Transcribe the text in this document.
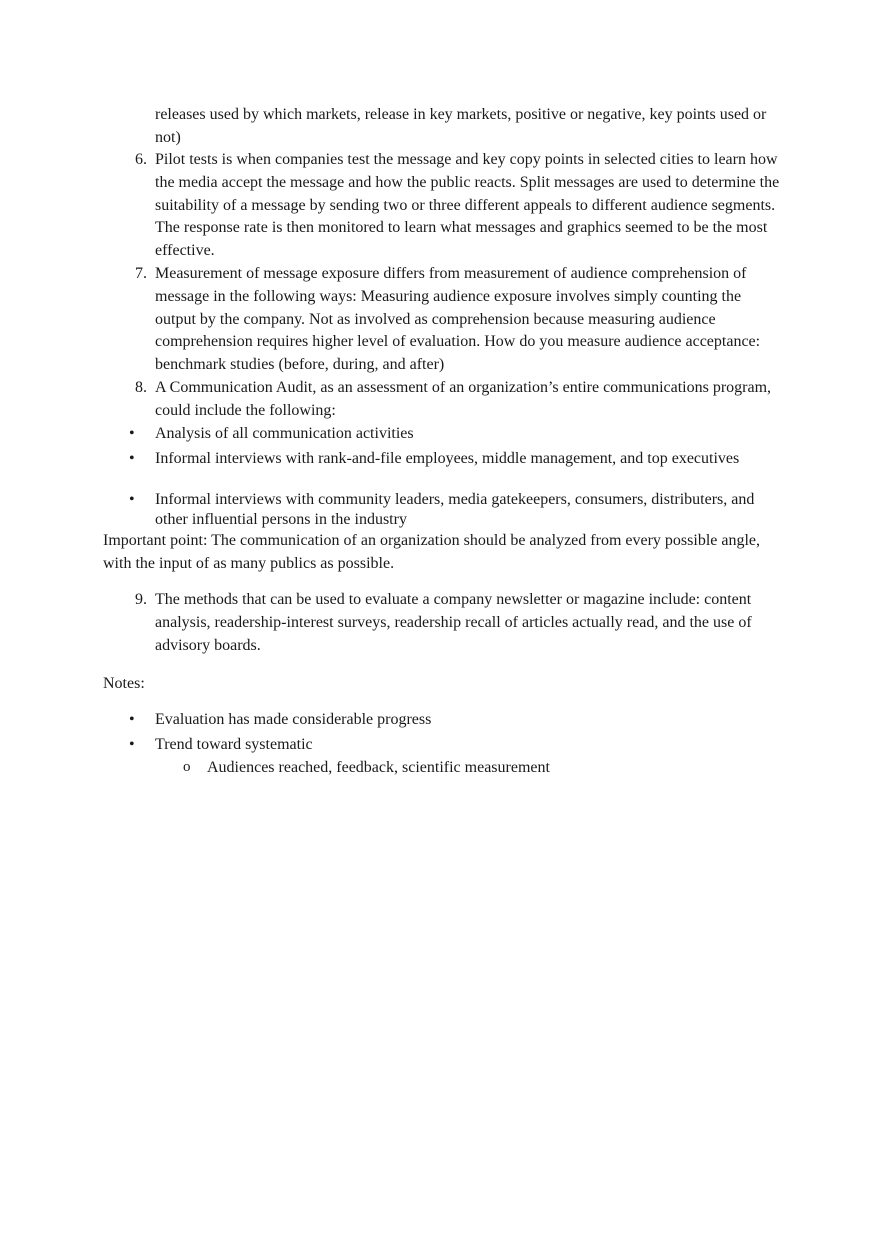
releases used by which markets, release in key markets, positive or negative, key points used or not)
6. Pilot tests is when companies test the message and key copy points in selected cities to learn how the media accept the message and how the public reacts. Split messages are used to determine the suitability of a message by sending two or three different appeals to different audience segments. The response rate is then monitored to learn what messages and graphics seemed to be the most effective.
7. Measurement of message exposure differs from measurement of audience comprehension of message in the following ways: Measuring audience exposure involves simply counting the output by the company. Not as involved as comprehension because measuring audience comprehension requires higher level of evaluation. How do you measure audience acceptance: benchmark studies (before, during, and after)
8. A Communication Audit, as an assessment of an organization’s entire communications program, could include the following:
• Analysis of all communication activities
• Informal interviews with rank-and-file employees, middle management, and top executives
• Informal interviews with community leaders, media gatekeepers, consumers, distributers, and other influential persons in the industry
Important point: The communication of an organization should be analyzed from every possible angle, with the input of as many publics as possible.
9. The methods that can be used to evaluate a company newsletter or magazine include: content analysis, readership-interest surveys, readership recall of articles actually read, and the use of advisory boards.
Notes:
• Evaluation has made considerable progress
• Trend toward systematic
o Audiences reached, feedback, scientific measurement
